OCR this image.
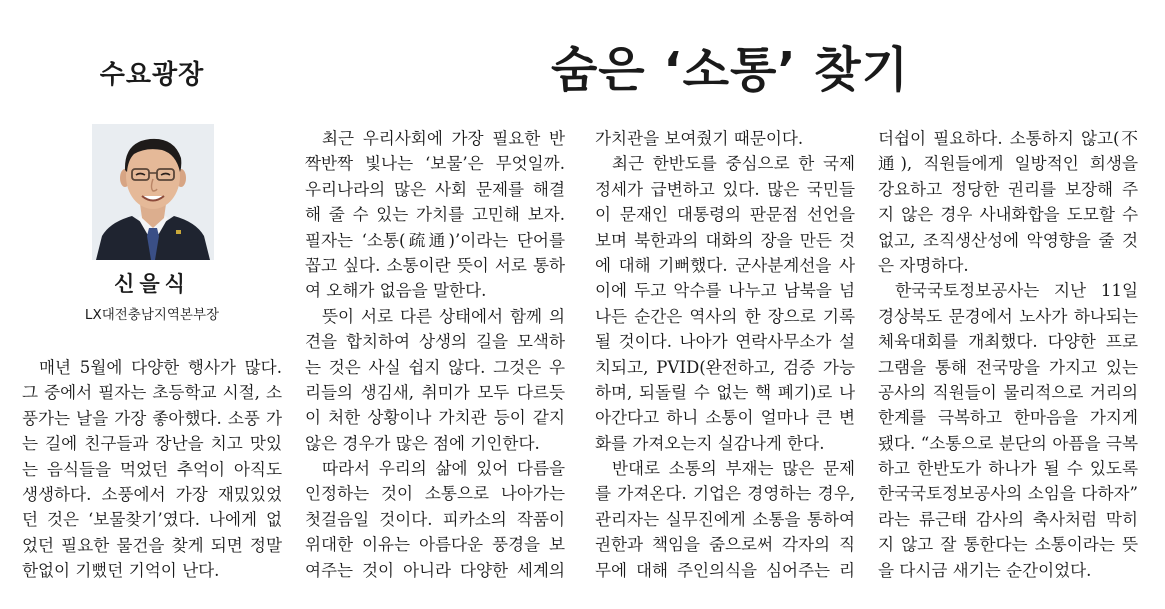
수요광장	숨은 ‘소통’ 찾기

신을식

LX대전충남지역본부장

매년 5월에 다양한 행사가 많다.
그 중에서 필자는 초등학교 시절, 소
풍가는 날을 가장 좋아했다. 소풍 가
는 길에 친구들과 장난을 치고 맛있
는 음식들을 먹었던 추억이 아직도
생생하다. 소풍에서 가장 재밌있었
던 것은 ‘보물찾기’였다. 나에게 없
었던 필요한 물건을 찾게 되면 정말
한없이 기뻤던 기억이 난다.
최근 우리사회에 가장 필요한 반
짝반짝 빛나는 ‘보물’은 무엇일까.
우리나라의 많은 사회 문제를 해결
해 줄 수 있는 가치를 고민해 보자.
필자는 ‘소통(疏通)’이라는 단어를
꼽고 싶다. 소통이란 뜻이 서로 통하
여 오해가 없음을 말한다.
뜻이 서로 다른 상태에서 함께 의
견을 합치하여 상생의 길을 모색하
는 것은 사실 쉽지 않다. 그것은 우
리들의 생김새, 취미가 모두 다르듯
이 처한 상황이나 가치관 등이 같지
않은 경우가 많은 점에 기인한다.
따라서 우리의 삶에 있어 다름을
인정하는 것이 소통으로 나아가는
첫걸음일 것이다. 피카소의 작품이
위대한 이유는 아름다운 풍경을 보
여주는 것이 아니라 다양한 세계의
가치관을 보여줬기 때문이다.
최근 한반도를 중심으로 한 국제
정세가 급변하고 있다. 많은 국민들
이 문재인 대통령의 판문점 선언을
보며 북한과의 대화의 장을 만든 것
에 대해 기뻐했다. 군사분계선을 사
이에 두고 악수를 나누고 남북을 넘
나든 순간은 역사의 한 장으로 기록
될 것이다. 나아가 연락사무소가 설
치되고, PVID(완전하고, 검증 가능
하며, 되돌릴 수 없는 핵 폐기)로 나
아간다고 하니 소통이 얼마나 큰 변
화를 가져오는지 실감나게 한다.
반대로 소통의 부재는 많은 문제
를 가져온다. 기업은 경영하는 경우,
관리자는 실무진에게 소통을 통하여
권한과 책임을 줌으로써 각자의 직
무에 대해 주인의식을 심어주는 리
더쉽이 필요하다. 소통하지 않고(不
通), 직원들에게 일방적인 희생을
강요하고 정당한 권리를 보장해 주
지 않은 경우 사내화합을 도모할 수
없고, 조직생산성에 악영향을 줄 것
은 자명하다.
한국국토정보공사는 지난 11일
경상북도 문경에서 노사가 하나되는
체육대회를 개최했다. 다양한 프로
그램을 통해 전국망을 가지고 있는
공사의 직원들이 물리적으로 거리의
한계를 극복하고 한마음을 가지게
됐다. “소통으로 분단의 아픔을 극복
하고 한반도가 하나가 될 수 있도록
한국국토정보공사의 소임을 다하자”
라는 류근태 감사의 축사처럼 막히
지 않고 잘 통한다는 소통이라는 뜻
을 다시금 새기는 순간이었다.
